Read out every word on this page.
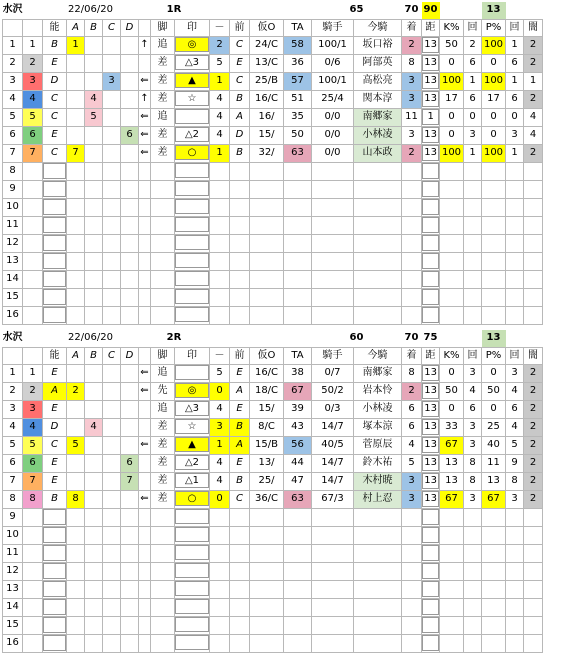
水沢		22/06/20					1R							65		70	90			13		
		能	A	B	C	D		脚	印	－	前	仮O	TA	騎手	今騎	着	距	K%	回	P%	回	闇
1	1	B	1				↑	追	◎	2	C	24/C	58	100/1	坂口裕	2	13	50	2	100	1	2
2	2	E						差	△3	5	E	13/C	36	0/6	阿部英	8	13	0	6	0	6	2
3	3	D			3		⇐	差	▲	1	C	25/B	57	100/1	高松亮	3	13	100	1	100	1	1
4	4	C		4			↑	差	☆	4	B	16/C	51	25/4	関本淳	3	13	17	6	17	6	2
5	5	C		5			⇐	追		4	A	16/	35	0/0	南郷家	11	1	0	0	0	0	4
6	6	E				6	⇐	差	△2	4	D	15/	50	0/0	小林凌	3	13	0	3	0	3	4
7	7	C	7				⇐	差	○	1	B	32/	63	0/0	山本政	2	13	100	1	100	1	2
8																						
9																						
10																						
11																						
12																						
13																						
14																						
15																						
16																						
水沢		22/06/20					2R							60		70	75			13		
		能	A	B	C	D		脚	印	－	前	仮O	TA	騎手	今騎	着	距	K%	回	P%	回	闇
1	1	E					⇐	追		5	E	16/C	38	0/7	南郷家	8	13	0	3	0	3	2
2	2	A	2				⇐	先	◎	0	A	18/C	67	50/2	岩本怜	2	13	50	4	50	4	2
3	3	E						追	△3	4	E	15/	39	0/3	小林凌	6	13	0	6	0	6	2
4	4	D		4				差	☆	3	B	8/C	43	14/7	塚本涼	6	13	33	3	25	4	2
5	5	C	5				⇐	差	▲	1	A	15/B	56	40/5	菅原辰	4	13	67	3	40	5	2
6	6	E				6		差	△2	4	E	13/	44	14/7	鈴木祐	5	13	13	8	11	9	2
7	7	E				7		差	△1	4	B	25/	47	14/7	木村暁	3	13	13	8	13	8	2
8	8	B	8				⇐	差	○	0	C	36/C	63	67/3	村上忍	3	13	67	3	67	3	2
9																						
10																						
11																						
12																						
13																						
14																						
15																						
16																						
